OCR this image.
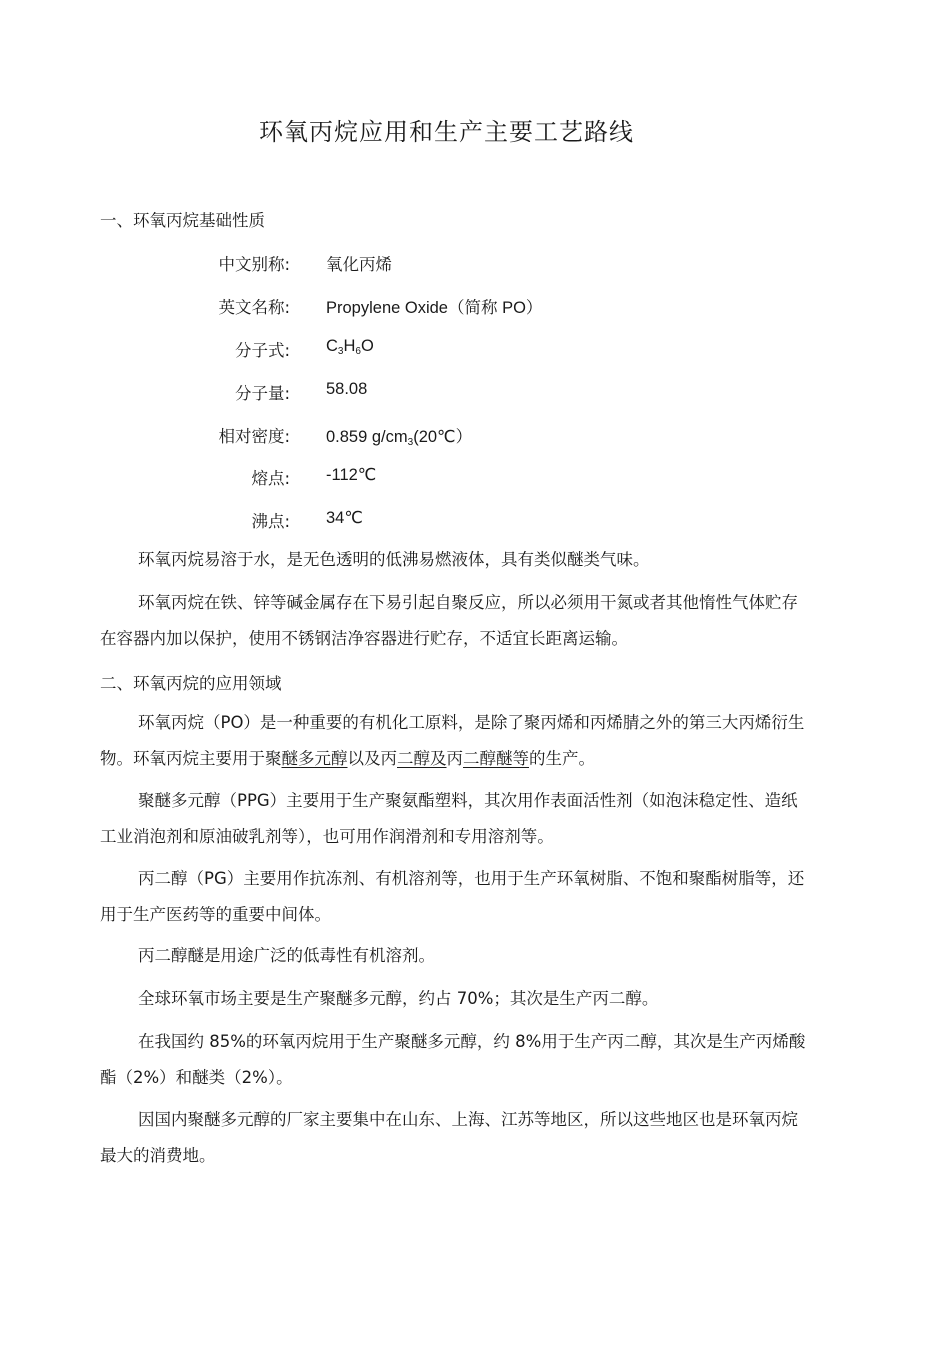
环氧丙烷应用和生产主要工艺路线
一、环氧丙烷基础性质
中文别称: 氧化丙烯
英文名称: Propylene Oxide（简称 PO）
分子式: $C_3H_6O$
分子量: 58.08
相对密度: 0.859 $g/cm_3(20℃)$
熔点: -112℃
沸点: 34℃

环氧丙烷易溶于水，是无色透明的低沸易燃液体，具有类似醚类气味。

环氧丙烷在铁、锌等碱金属存在下易引起自聚反应，所以必须用干氮或者其他惰性气体贮存在容器内加以保护，使用不锈钢洁净容器进行贮存，不适宜长距离运输。

二、环氧丙烷的应用领域

环氧丙烷（PO）是一种重要的有机化工原料，是除了聚丙烯和丙烯腈之外的第三大丙烯衍生物。环氧丙烷主要用于聚醚多元醇以及丙二醇及丙二醇醚等的生产。

聚醚多元醇（PPG）主要用于生产聚氨酯塑料，其次用作表面活性剂（如泡沫稳定性、造纸工业消泡剂和原油破乳剂等），也可用作润滑剂和专用溶剂等。

丙二醇（PG）主要用作抗冻剂、有机溶剂等，也用于生产环氧树脂、不饱和聚酯树脂等，还用于生产医药等的重要中间体。

丙二醇醚是用途广泛的低毒性有机溶剂。

全球环氧市场主要是生产聚醚多元醇，约占 70%；其次是生产丙二醇。

在我国约 85%的环氧丙烷用于生产聚醚多元醇，约 8%用于生产丙二醇，其次是生产丙烯酸酯（2%）和醚类（2%）。

因国内聚醚多元醇的厂家主要集中在山东、上海、江苏等地区，所以这些地区也是环氧丙烷最大的消费地。
